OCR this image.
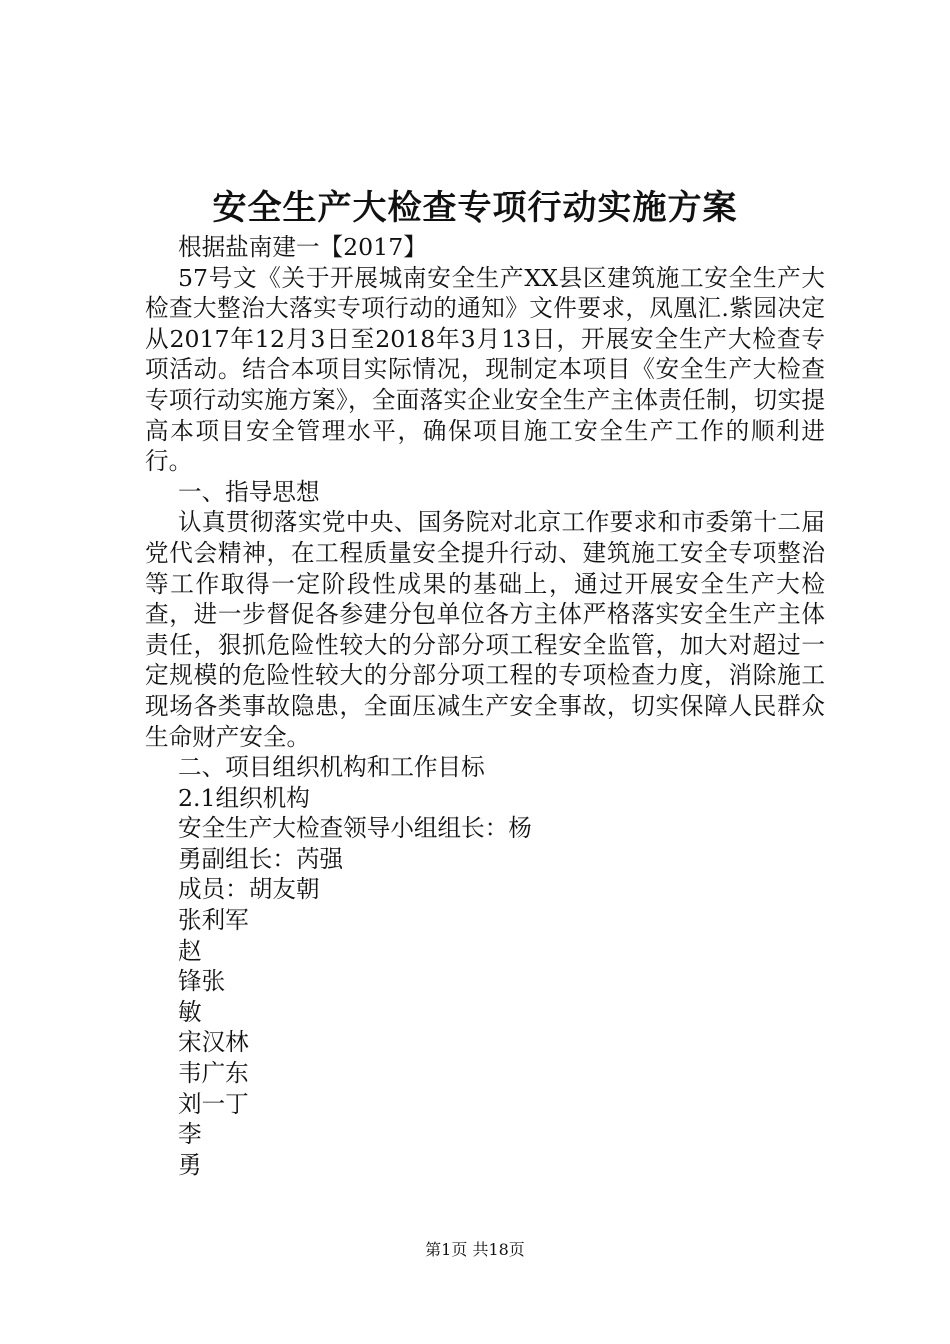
安全生产大检查专项行动实施方案

根据盐南建一【2017】

57号文《关于开展城南安全生产XX县区建筑施工安全生产大检查大整治大落实专项行动的通知》文件要求，凤凰汇.紫园决定从2017年12月3日至2018年3月13日，开展安全生产大检查专项活动。结合本项目实际情况，现制定本项目《安全生产大检查专项行动实施方案》，全面落实企业安全生产主体责任制，切实提高本项目安全管理水平，确保项目施工安全生产工作的顺利进行。

一、指导思想

认真贯彻落实党中央、国务院对北京工作要求和市委第十二届党代会精神，在工程质量安全提升行动、建筑施工安全专项整治等工作取得一定阶段性成果的基础上，通过开展安全生产大检查，进一步督促各参建分包单位各方主体严格落实安全生产主体责任，狠抓危险性较大的分部分项工程安全监管，加大对超过一定规模的危险性较大的分部分项工程的专项检查力度，消除施工现场各类事故隐患，全面压减生产安全事故，切实保障人民群众生命财产安全。

二、项目组织机构和工作目标

2.1组织机构

安全生产大检查领导小组组长：杨

勇副组长：芮强

成员：胡友朝

张利军

赵

锋张

敏

宋汉林

韦广东

刘一丁

李

勇

第1页 共18页
